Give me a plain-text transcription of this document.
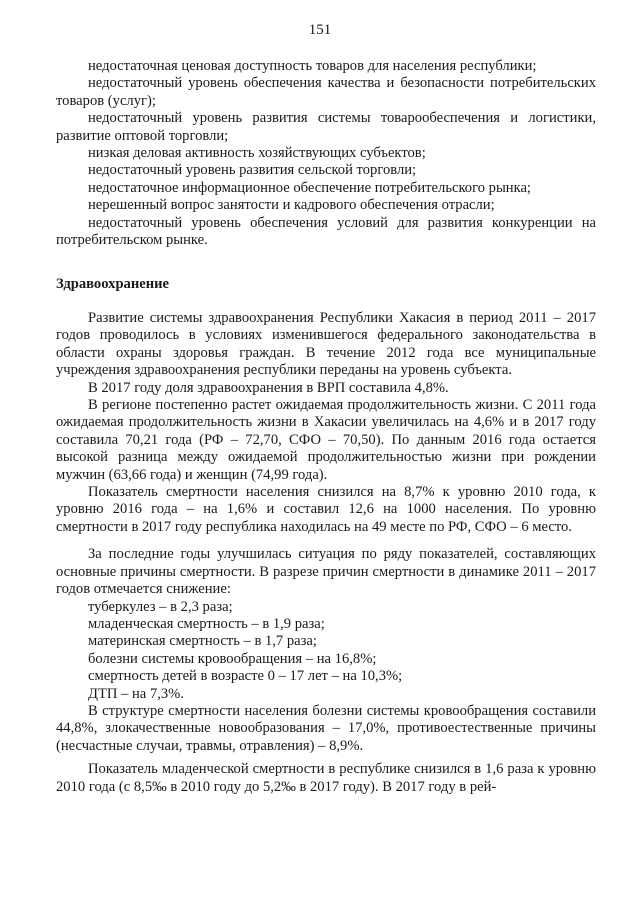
151

недостаточная ценовая доступность товаров для населения республики;

недостаточный уровень обеспечения качества и безопасности потребительских товаров (услуг);

недостаточный уровень развития системы товарообеспечения и логистики, развитие оптовой торговли;

низкая деловая активность хозяйствующих субъектов;

недостаточный уровень развития сельской торговли;

недостаточное информационное обеспечение потребительского рынка;

нерешенный вопрос занятости и кадрового обеспечения отрасли;

недостаточный уровень обеспечения условий для развития конкуренции на потребительском рынке.

Здравоохранение

Развитие системы здравоохранения Республики Хакасия в период 2011 – 2017 годов проводилось в условиях изменившегося федерального законодательства в области охраны здоровья граждан. В течение 2012 года все муниципальные учреждения здравоохранения республики переданы на уровень субъекта.

В 2017 году доля здравоохранения в ВРП составила 4,8%.

В регионе постепенно растет ожидаемая продолжительность жизни. С 2011 года ожидаемая продолжительность жизни в Хакасии увеличилась на 4,6% и в 2017 году составила 70,21 года (РФ – 72,70, СФО – 70,50). По данным 2016 года остается высокой разница между ожидаемой продолжительностью жизни при рождении мужчин (63,66 года) и женщин (74,99 года).

Показатель смертности населения снизился на 8,7% к уровню 2010 года, к уровню 2016 года – на 1,6% и составил 12,6 на 1000 населения. По уровню смертности в 2017 году республика находилась на 49 месте по РФ, СФО – 6 место.

За последние годы улучшилась ситуация по ряду показателей, составляющих основные причины смертности. В разрезе причин смертности в динамике 2011 – 2017 годов отмечается снижение:

туберкулез – в 2,3 раза;

младенческая смертность – в 1,9 раза;

материнская смертность – в 1,7 раза;

болезни системы кровообращения – на 16,8%;

смертность детей в возрасте 0 – 17 лет – на 10,3%;

ДТП – на 7,3%.

В структуре смертности населения болезни системы кровообращения составили 44,8%, злокачественные новообразования – 17,0%, противоестественные причины (несчастные случаи, травмы, отравления) – 8,9%.

Показатель младенческой смертности в республике снизился в 1,6 раза к уровню 2010 года (с 8,5‰ в 2010 году до 5,2‰ в 2017 году). В 2017 году в рей-
